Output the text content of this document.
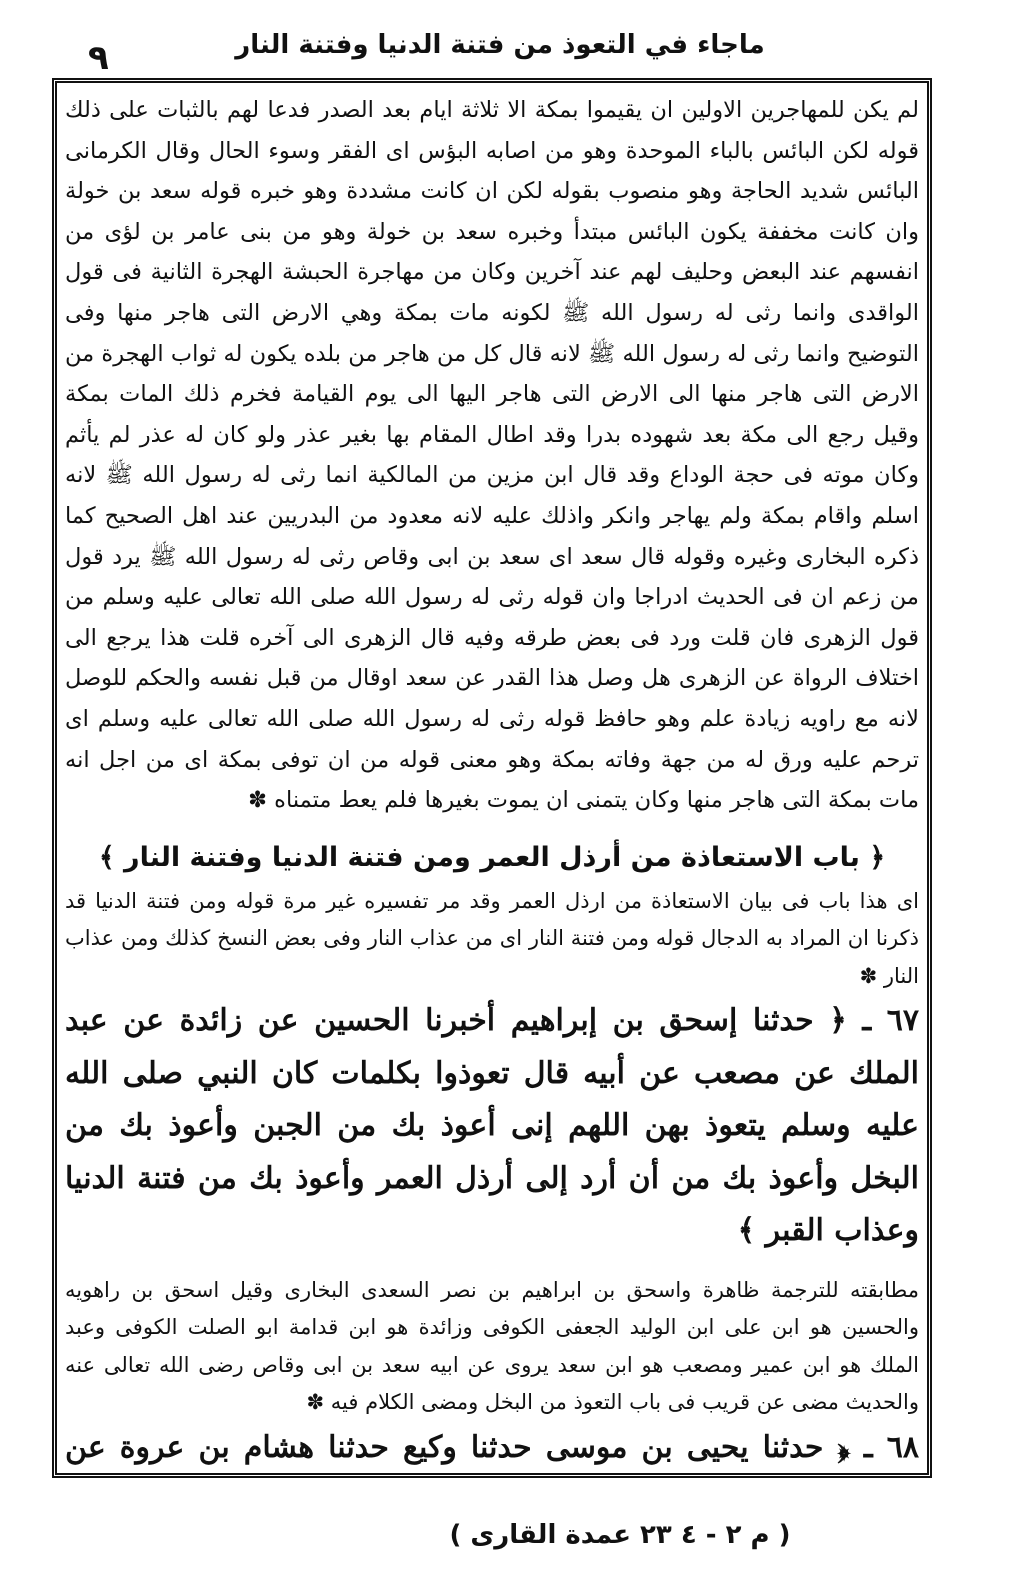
ماجاء في التعوذ من فتنة الدنيا وفتنة النار
٩

لم يكن للمهاجرين الاولين ان يقيموا بمكة الا ثلاثة ايام بعد الصدر فدعا لهم بالثبات على ذلك قوله لكن البائس بالباء الموحدة وهو من اصابه البؤس اى الفقر وسوء الحال وقال الكرمانى البائس شديد الحاجة وهو منصوب بقوله لكن ان كانت مشددة وهو خبره قوله سعد بن خولة وان كانت مخففة يكون البائس مبتدأ وخبره سعد بن خولة وهو من بنى عامر بن لؤى من انفسهم عند البعض وحليف لهم عند آخرين وكان من مهاجرة الحبشة الهجرة الثانية فى قول الواقدى وانما رثى له رسول الله ﷺ لكونه مات بمكة وهي الارض التى هاجر منها وفى التوضيح وانما رثى له رسول الله ﷺ لانه قال كل من هاجر من بلده يكون له ثواب الهجرة من الارض التى هاجر منها الى الارض التى هاجر اليها الى يوم القيامة فخرم ذلك المات بمكة وقيل رجع الى مكة بعد شهوده بدرا وقد اطال المقام بها بغير عذر ولو كان له عذر لم يأثم وكان موته فى حجة الوداع وقد قال ابن مزين من المالكية انما رثى له رسول الله ﷺ لانه اسلم واقام بمكة ولم يهاجر وانكر واذلك عليه لانه معدود من البدريين عند اهل الصحيح كما ذكره البخارى وغيره وقوله قال سعد اى سعد بن ابى وقاص رثى له رسول الله ﷺ يرد قول من زعم ان فى الحديث ادراجا وان قوله رثى له رسول الله صلى الله تعالى عليه وسلم من قول الزهرى فان قلت ورد فى بعض طرقه وفيه قال الزهرى الى آخره قلت هذا يرجع الى اختلاف الرواة عن الزهرى هل وصل هذا القدر عن سعد اوقال من قبل نفسه والحكم للوصل لانه مع راويه زيادة علم وهو حافظ قوله رثى له رسول الله صلى الله تعالى عليه وسلم اى ترحم عليه ورق له من جهة وفاته بمكة وهو معنى قوله من ان توفى بمكة اى من اجل انه مات بمكة التى هاجر منها وكان يتمنى ان يموت بغيرها فلم يعط متمناه ✽

﴿ باب الاستعاذة من أرذل العمر ومن فتنة الدنيا وفتنة النار ﴾

اى هذا باب فى بيان الاستعاذة من ارذل العمر وقد مر تفسيره غير مرة قوله ومن فتنة الدنيا قد ذكرنا ان المراد به الدجال قوله ومن فتنة النار اى من عذاب النار وفى بعض النسخ كذلك ومن عذاب النار ✽

٦٧ ـ ﴿ حدثنا إسحق بن إبراهيم أخبرنا الحسين عن زائدة عن عبد الملك عن مصعب عن أبيه قال تعوذوا بكلمات كان النبي صلى الله عليه وسلم يتعوذ بهن اللهم إنى أعوذ بك من الجبن وأعوذ بك من البخل وأعوذ بك من أن أرد إلى أرذل العمر وأعوذ بك من فتنة الدنيا وعذاب القبر ﴾

مطابقته للترجمة ظاهرة واسحق بن ابراهيم بن نصر السعدى البخارى وقيل اسحق بن راهويه والحسين هو ابن على ابن الوليد الجعفى الكوفى وزائدة هو ابن قدامة ابو الصلت الكوفى وعبد الملك هو ابن عمير ومصعب هو ابن سعد يروى عن ابيه سعد بن ابى وقاص رضى الله تعالى عنه والحديث مضى عن قريب فى باب التعوذ من البخل ومضى الكلام فيه ✽

٦٨ ـ ﴿ حدثنا يحيى بن موسى حدثنا وكيع حدثنا هشام بن عروة عن

( م ٢ - ٤ ٢٣ عمدة القارى )
